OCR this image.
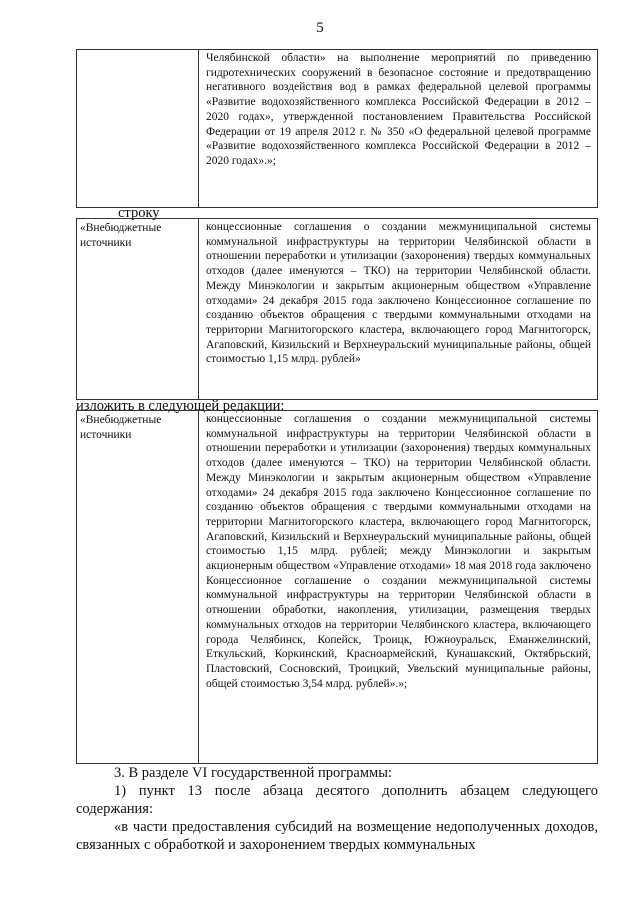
5
Челябинской области» на выполнение мероприятий по приведению гидротехнических сооружений в безопасное состояние и предотвращению негативного воздействия вод в рамках федеральной целевой программы «Развитие водохозяйственного комплекса Российской Федерации в 2012 – 2020 годах», утвержденной постановлением Правительства Российской Федерации от 19 апреля 2012 г. № 350 «О федеральной целевой программе «Развитие водохозяйственного комплекса Российской Федерации в 2012 – 2020 годах».»;
строку
«Внебюджетные источники
концессионные соглашения о создании межмуниципальной системы коммунальной инфраструктуры на территории Челябинской области в отношении переработки и утилизации (захоронения) твердых коммунальных отходов (далее именуются – ТКО) на территории Челябинской области. Между Минэкологии и закрытым акционерным обществом «Управление отходами» 24 декабря 2015 года заключено Концессионное соглашение по созданию объектов обращения с твердыми коммунальными отходами на территории Магнитогорского кластера, включающего город Магнитогорск, Агаповский, Кизильский и Верхнеуральский муниципальные районы, общей стоимостью 1,15 млрд. рублей»
изложить в следующей редакции:
«Внебюджетные источники
концессионные соглашения о создании межмуниципальной системы коммунальной инфраструктуры на территории Челябинской области в отношении переработки и утилизации (захоронения) твердых коммунальных отходов (далее именуются – ТКО) на территории Челябинской области. Между Минэкологии и закрытым акционерным обществом «Управление отходами» 24 декабря 2015 года заключено Концессионное соглашение по созданию объектов обращения с твердыми коммунальными отходами на территории Магнитогорского кластера, включающего город Магнитогорск, Агаповский, Кизильский и Верхнеуральский муниципальные районы, общей стоимостью 1,15 млрд. рублей; между Минэкологии и закрытым акционерным обществом «Управление отходами» 18 мая 2018 года заключено Концессионное соглашение о создании межмуниципальной системы коммунальной инфраструктуры на территории Челябинской области в отношении обработки, накопления, утилизации, размещения твердых коммунальных отходов на территории Челябинского кластера, включающего города Челябинск, Копейск, Троицк, Южноуральск, Еманжелинский, Еткульский, Коркинский, Красноармейский, Кунашакский, Октябрьский, Пластовский, Сосновский, Троицкий, Увельский муниципальные районы, общей стоимостью 3,54 млрд. рублей».»;
3. В разделе VI государственной программы:
1) пункт 13 после абзаца десятого дополнить абзацем следующего содержания:
«в части предоставления субсидий на возмещение недополученных доходов, связанных с обработкой и захоронением твердых коммунальных
